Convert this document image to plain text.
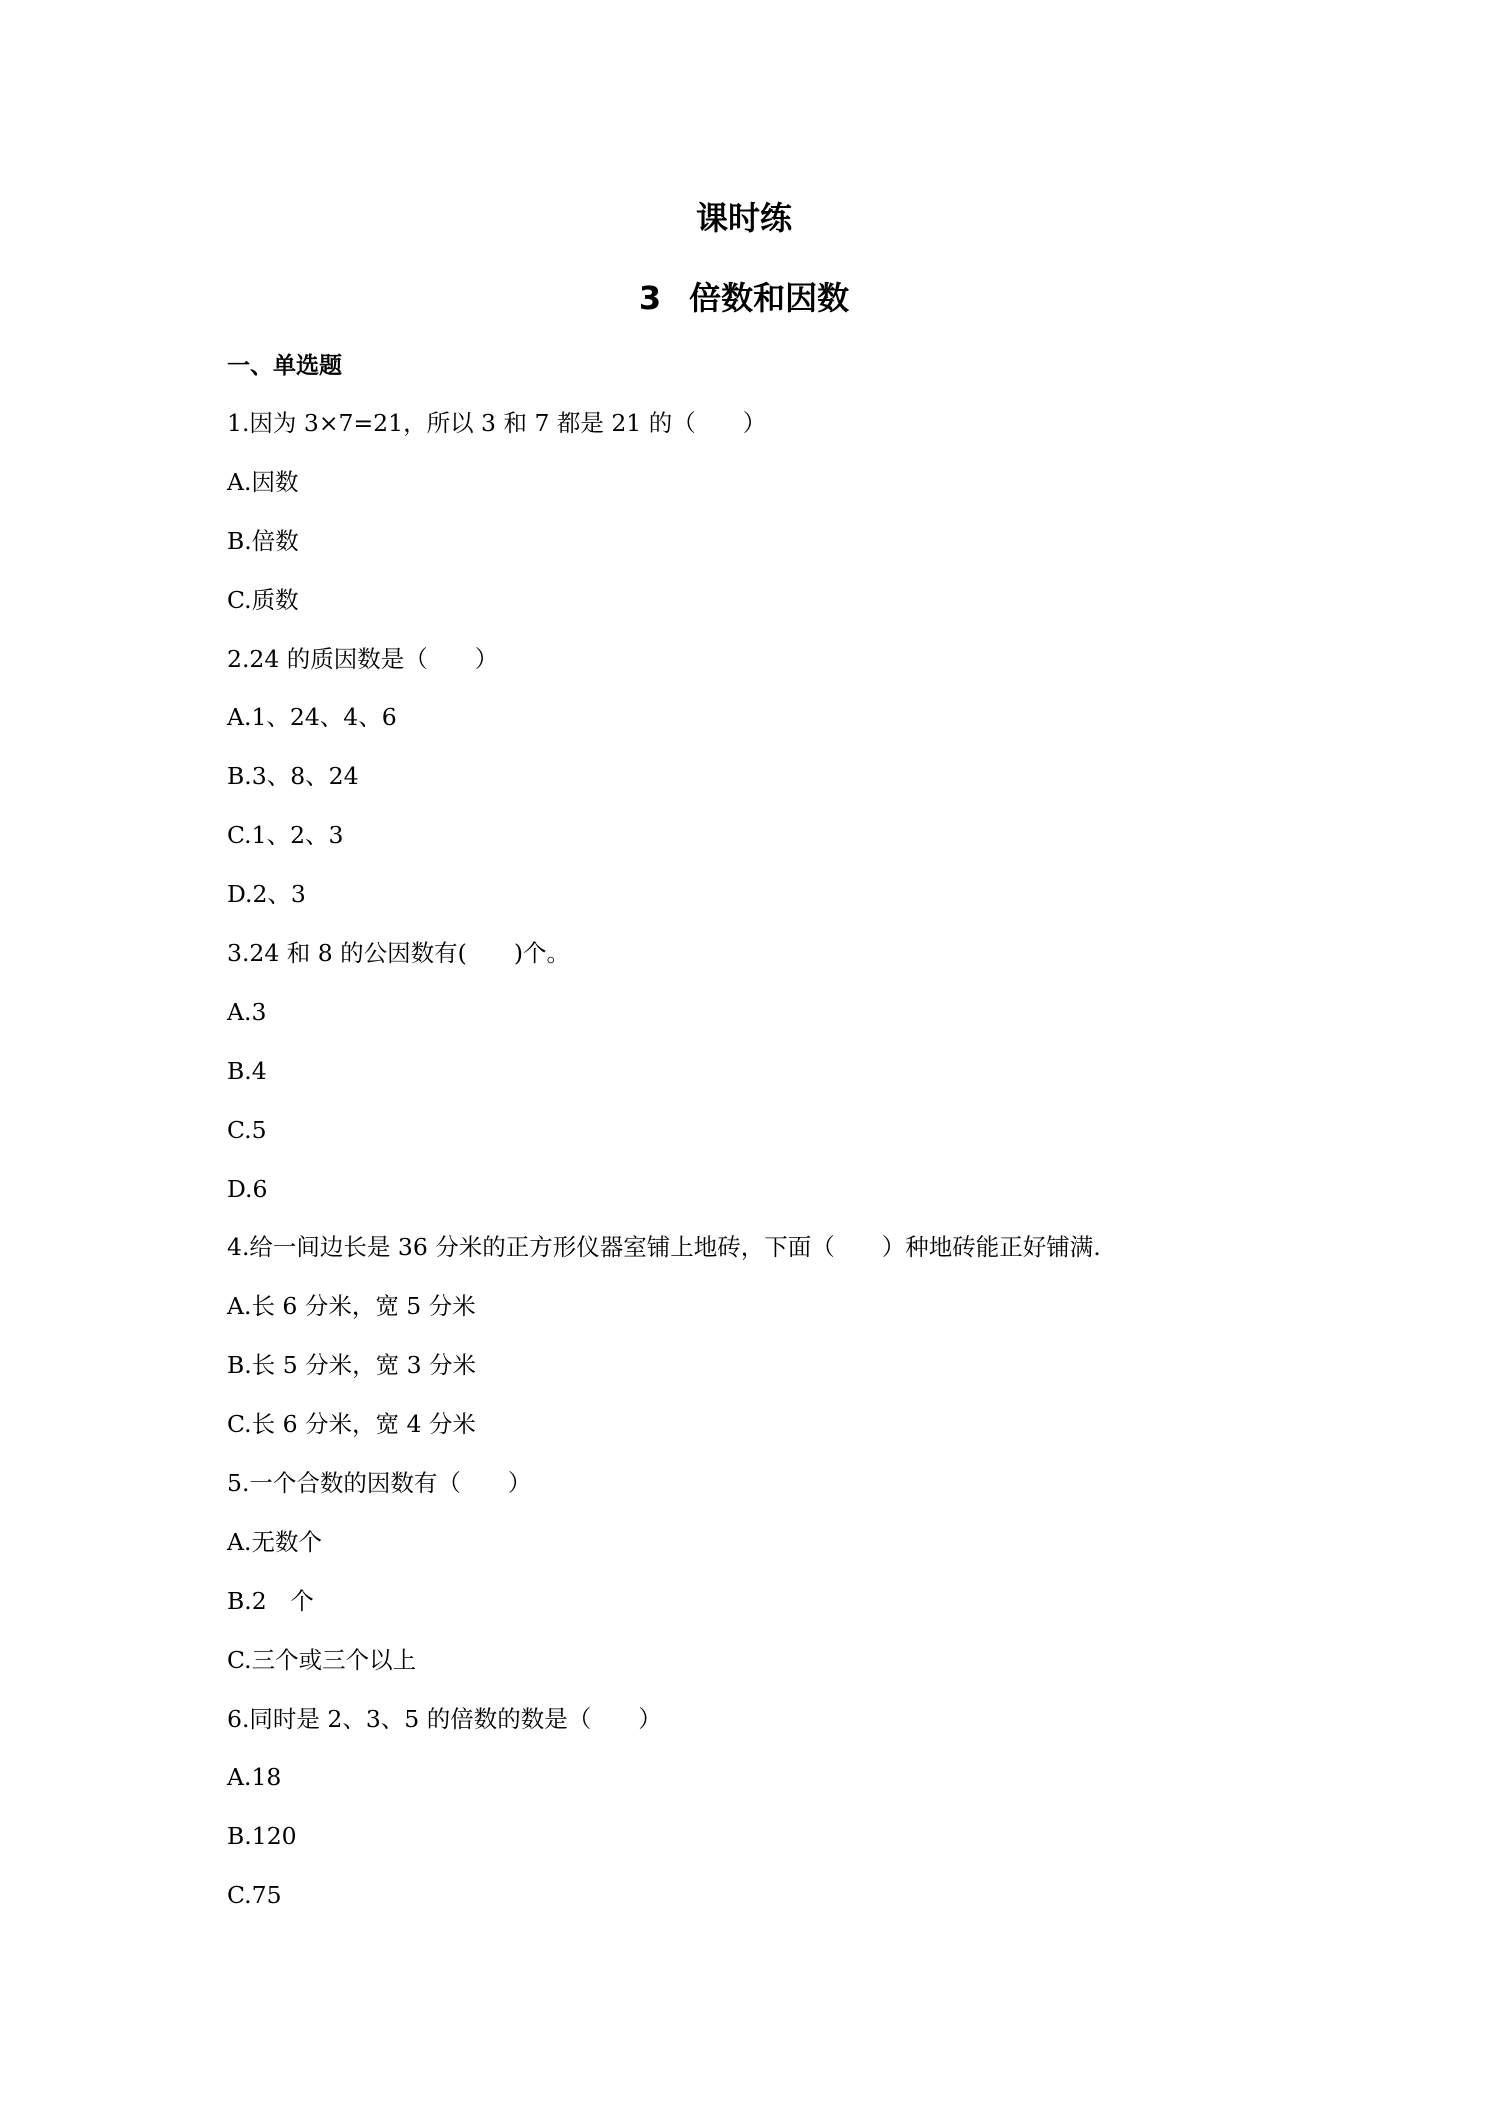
课时练
3 倍数和因数
一、单选题
1.因为 3×7=21，所以 3 和 7 都是 21 的（　　）
A.因数
B.倍数
C.质数
2.24 的质因数是（　　）
A.1、24、4、6
B.3、8、24
C.1、2、3
D.2、3
3.24 和 8 的公因数有(　　)个。
A.3
B.4
C.5
D.6
4.给一间边长是 36 分米的正方形仪器室铺上地砖，下面（　　）种地砖能正好铺满.
A.长 6 分米，宽 5 分米
B.长 5 分米，宽 3 分米
C.长 6 分米，宽 4 分米
5.一个合数的因数有（　　）
A.无数个
B.2　个
C.三个或三个以上
6.同时是 2、3、5 的倍数的数是（　　）
A.18
B.120
C.75
